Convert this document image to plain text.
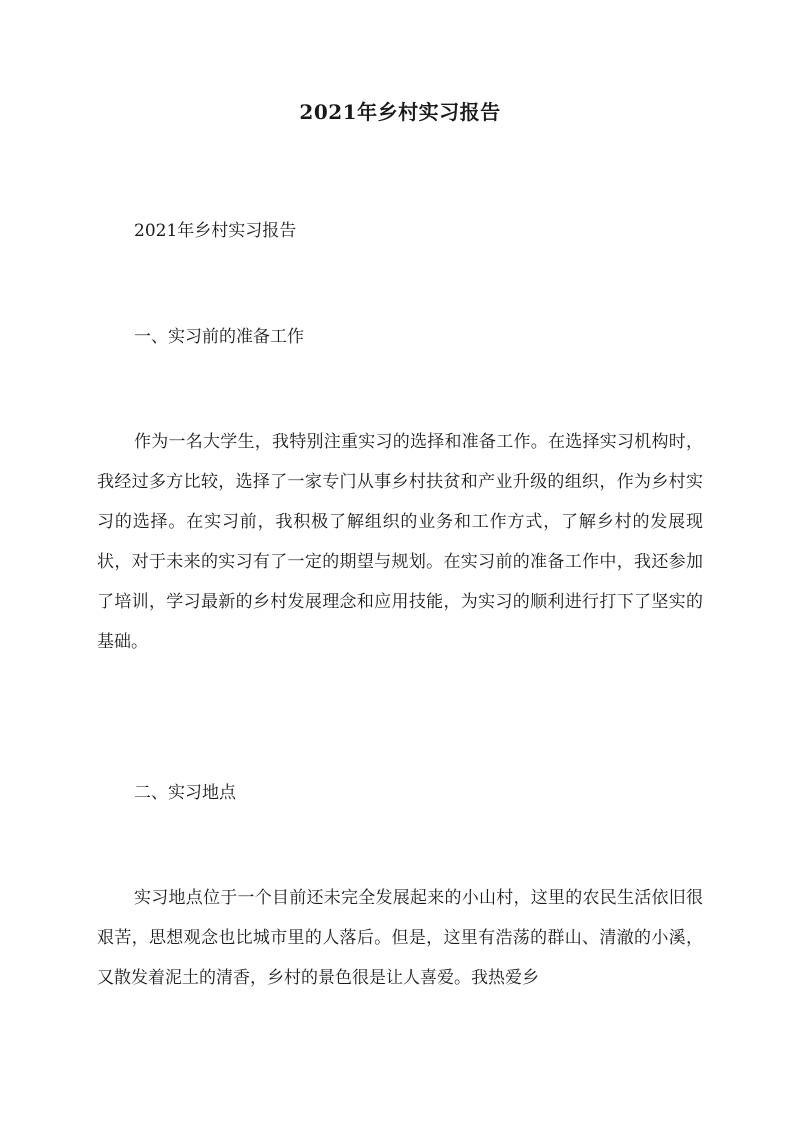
2021年乡村实习报告
2021年乡村实习报告
一、实习前的准备工作

作为一名大学生，我特别注重实习的选择和准备工作。在选择实习机构时，我经过多方比较，选择了一家专门从事乡村扶贫和产业升级的组织，作为乡村实习的选择。在实习前，我积极了解组织的业务和工作方式，了解乡村的发展现状，对于未来的实习有了一定的期望与规划。在实习前的准备工作中，我还参加了培训，学习最新的乡村发展理念和应用技能，为实习的顺利进行打下了坚实的基础。

二、实习地点

实习地点位于一个目前还未完全发展起来的小山村，这里的农民生活依旧很艰苦，思想观念也比城市里的人落后。但是，这里有浩荡的群山、清澈的小溪，又散发着泥土的清香，乡村的景色很是让人喜爱。我热爱乡
